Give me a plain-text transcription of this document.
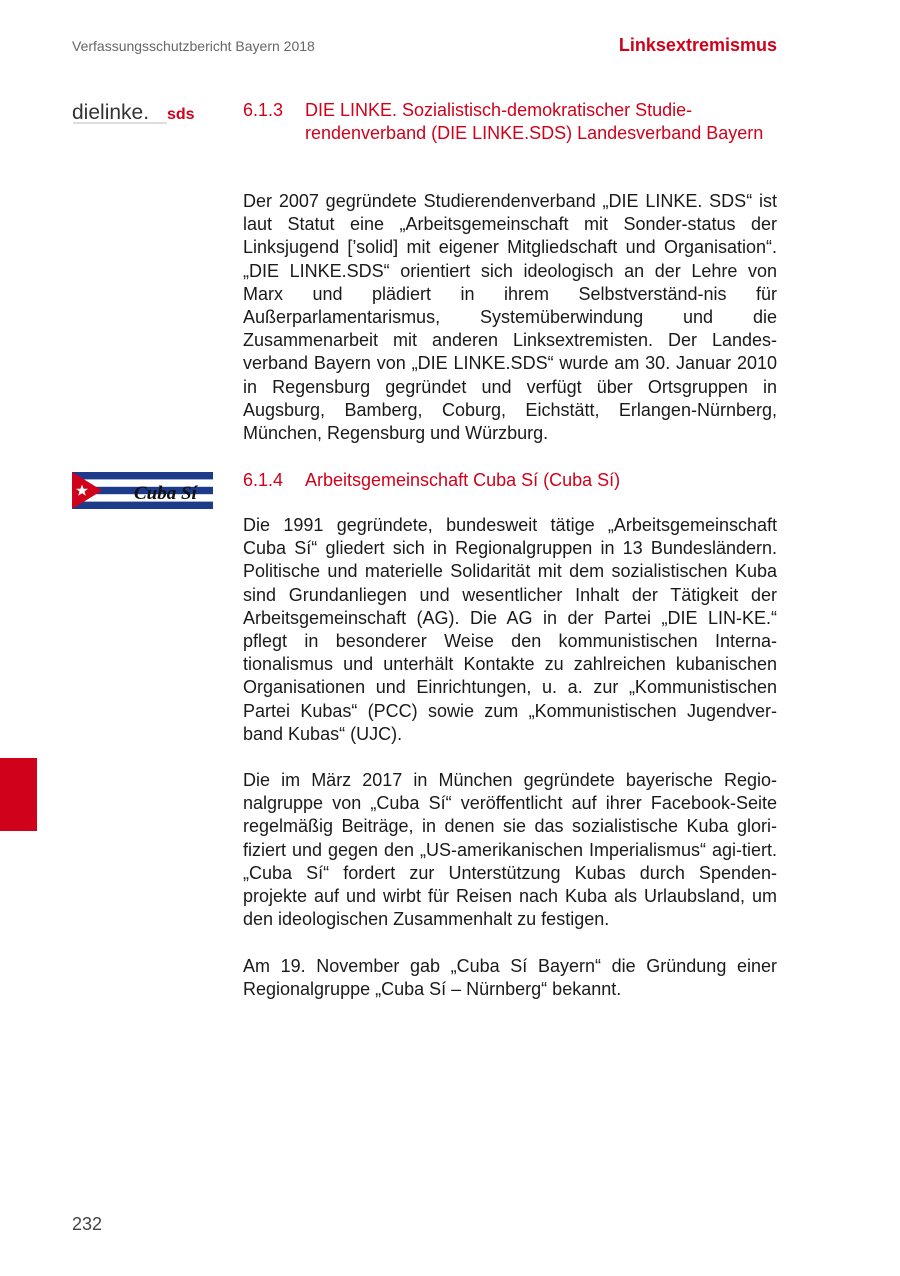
Verfassungsschutzbericht Bayern 2018	Linksextremismus
dielinke. sds	6.1.3 DIE LINKE. Sozialistisch-demokratischer Studie-rendenverband (DIE LINKE.SDS) Landesverband Bayern

Der 2007 gegründete Studierendenverband „DIE LINKE. SDS“ ist laut Statut eine „Arbeitsgemeinschaft mit Sonder-status der Linksjugend [’solid] mit eigener Mitgliedschaft und Organisation“. „DIE LINKE.SDS“ orientiert sich ideologisch an der Lehre von Marx und plädiert in ihrem Selbstverständ-nis für Außerparlamentarismus, Systemüberwindung und die Zusammenarbeit mit anderen Linksextremisten. Der Landes-verband Bayern von „DIE LINKE.SDS“ wurde am 30. Januar 2010 in Regensburg gegründet und verfügt über Ortsgruppen in Augsburg, Bamberg, Coburg, Eichstätt, Erlangen-Nürnberg, München, Regensburg und Würzburg.

Cuba Sí
6.1.4 Arbeitsgemeinschaft Cuba Sí (Cuba Sí)

Die 1991 gegründete, bundesweit tätige „Arbeitsgemeinschaft Cuba Sí“ gliedert sich in Regionalgruppen in 13 Bundesländern. Politische und materielle Solidarität mit dem sozialistischen Kuba sind Grundanliegen und wesentlicher Inhalt der Tätigkeit der Arbeitsgemeinschaft (AG). Die AG in der Partei „DIE LIN-KE.“ pflegt in besonderer Weise den kommunistischen Interna-tionalismus und unterhält Kontakte zu zahlreichen kubanischen Organisationen und Einrichtungen, u. a. zur „Kommunistischen Partei Kubas“ (PCC) sowie zum „Kommunistischen Jugendver-band Kubas“ (UJC).

Die im März 2017 in München gegründete bayerische Regio-nalgruppe von „Cuba Sí“ veröffentlicht auf ihrer Facebook-Seite regelmäßig Beiträge, in denen sie das sozialistische Kuba glori-fiziert und gegen den „US-amerikanischen Imperialismus“ agi-tiert. „Cuba Sí“ fordert zur Unterstützung Kubas durch Spenden-projekte auf und wirbt für Reisen nach Kuba als Urlaubsland, um den ideologischen Zusammenhalt zu festigen.

Am 19. November gab „Cuba Sí Bayern“ die Gründung einer Regionalgruppe „Cuba Sí – Nürnberg“ bekannt.

232
